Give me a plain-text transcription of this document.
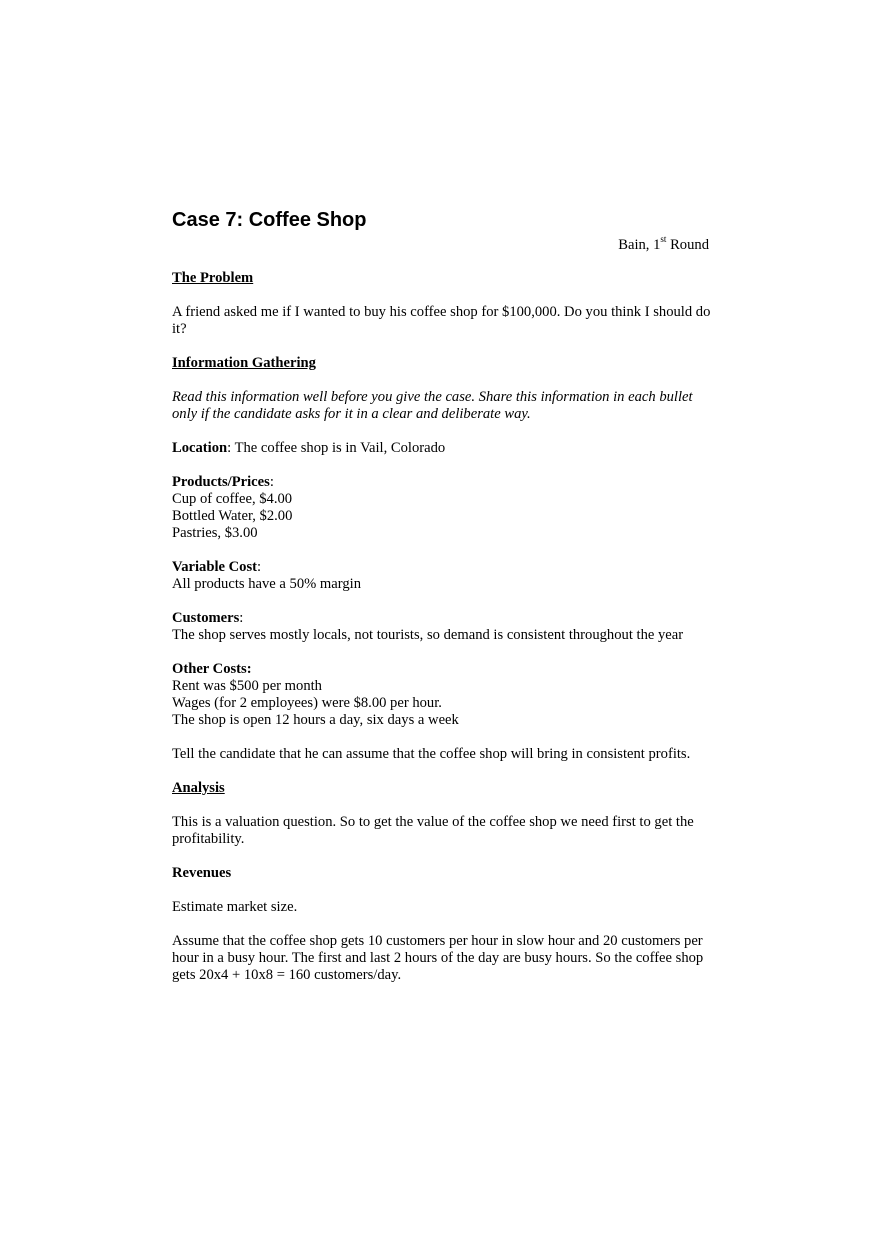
Case 7: Coffee Shop
Bain, 1st Round
The Problem

A friend asked me if I wanted to buy his coffee shop for $100,000. Do you think I should do it?

Information Gathering

Read this information well before you give the case. Share this information in each bullet only if the candidate asks for it in a clear and deliberate way.

Location: The coffee shop is in Vail, Colorado

Products/Prices:
Cup of coffee, $4.00
Bottled Water, $2.00
Pastries, $3.00
Variable Cost:
All products have a 50% margin
Customers:
The shop serves mostly locals, not tourists, so demand is consistent throughout the year
Other Costs:
Rent was $500 per month
Wages (for 2 employees) were $8.00 per hour.
The shop is open 12 hours a day, six days a week

Tell the candidate that he can assume that the coffee shop will bring in consistent profits.

Analysis

This is a valuation question. So to get the value of the coffee shop we need first to get the profitability.

Revenues

Estimate market size.

Assume that the coffee shop gets 10 customers per hour in slow hour and 20 customers per hour in a busy hour. The first and last 2 hours of the day are busy hours. So the coffee shop gets 20x4 + 10x8 = 160 customers/day.
